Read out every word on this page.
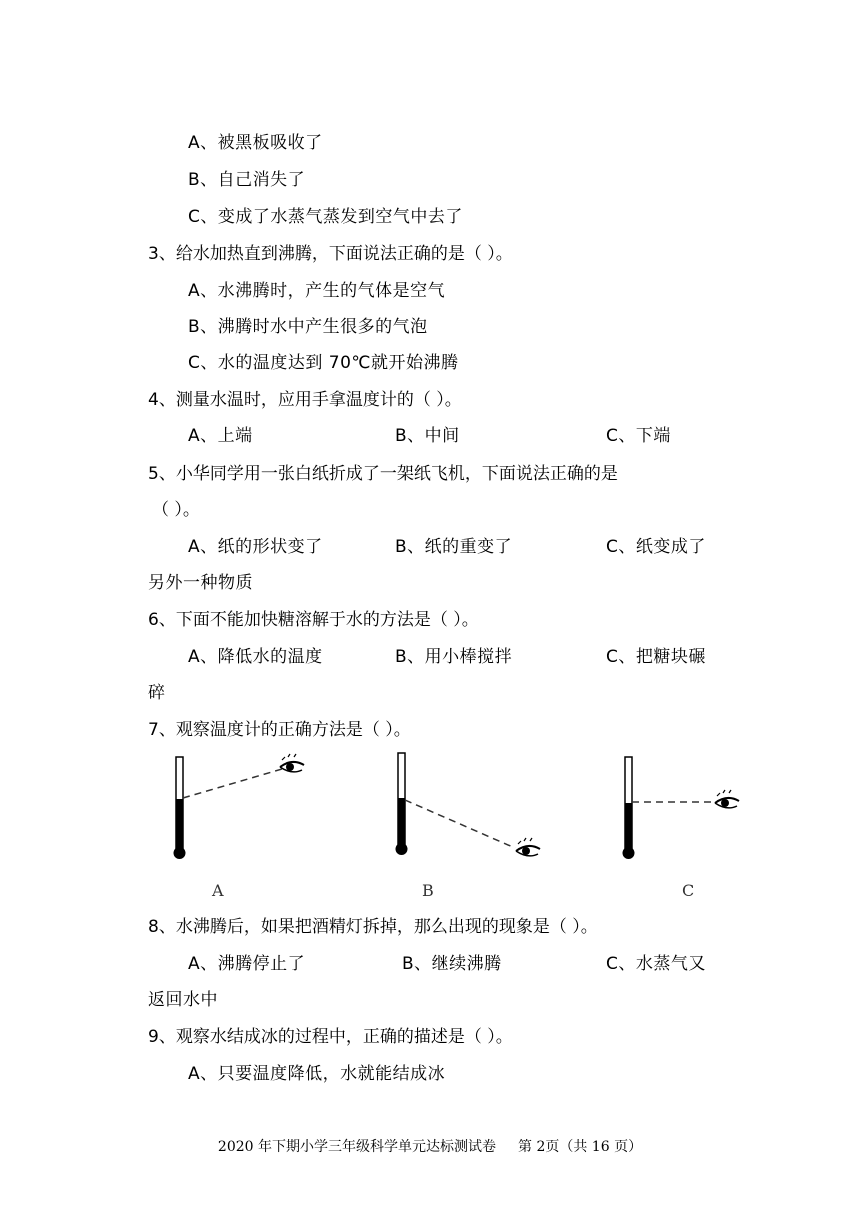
A、被黑板吸收了
B、自己消失了
C、变成了水蒸气蒸发到空气中去了
3、给水加热直到沸腾，下面说法正确的是（ ）。
A、水沸腾时，产生的气体是空气
B、沸腾时水中产生很多的气泡
C、水的温度达到 70℃就开始沸腾
4、测量水温时，应用手拿温度计的（ ）。
A、上端	B、中间	C、下端
5、小华同学用一张白纸折成了一架纸飞机，下面说法正确的是
（ ）。
A、纸的形状变了	B、纸的重变了	C、纸变成了
另外一种物质
6、下面不能加快糖溶解于水的方法是（ ）。
A、降低水的温度	B、用小棒搅拌	C、把糖块碾
碎
7、观察温度计的正确方法是（ ）。
A	B	C
8、水沸腾后，如果把酒精灯拆掉，那么出现的现象是（ ）。
A、沸腾停止了	B、继续沸腾	C、水蒸气又
返回水中
9、观察水结成冰的过程中，正确的描述是（ ）。
A、只要温度降低，水就能结成冰
2020 年下期小学三年级科学单元达标测试卷 第 2页（共 16 页）
